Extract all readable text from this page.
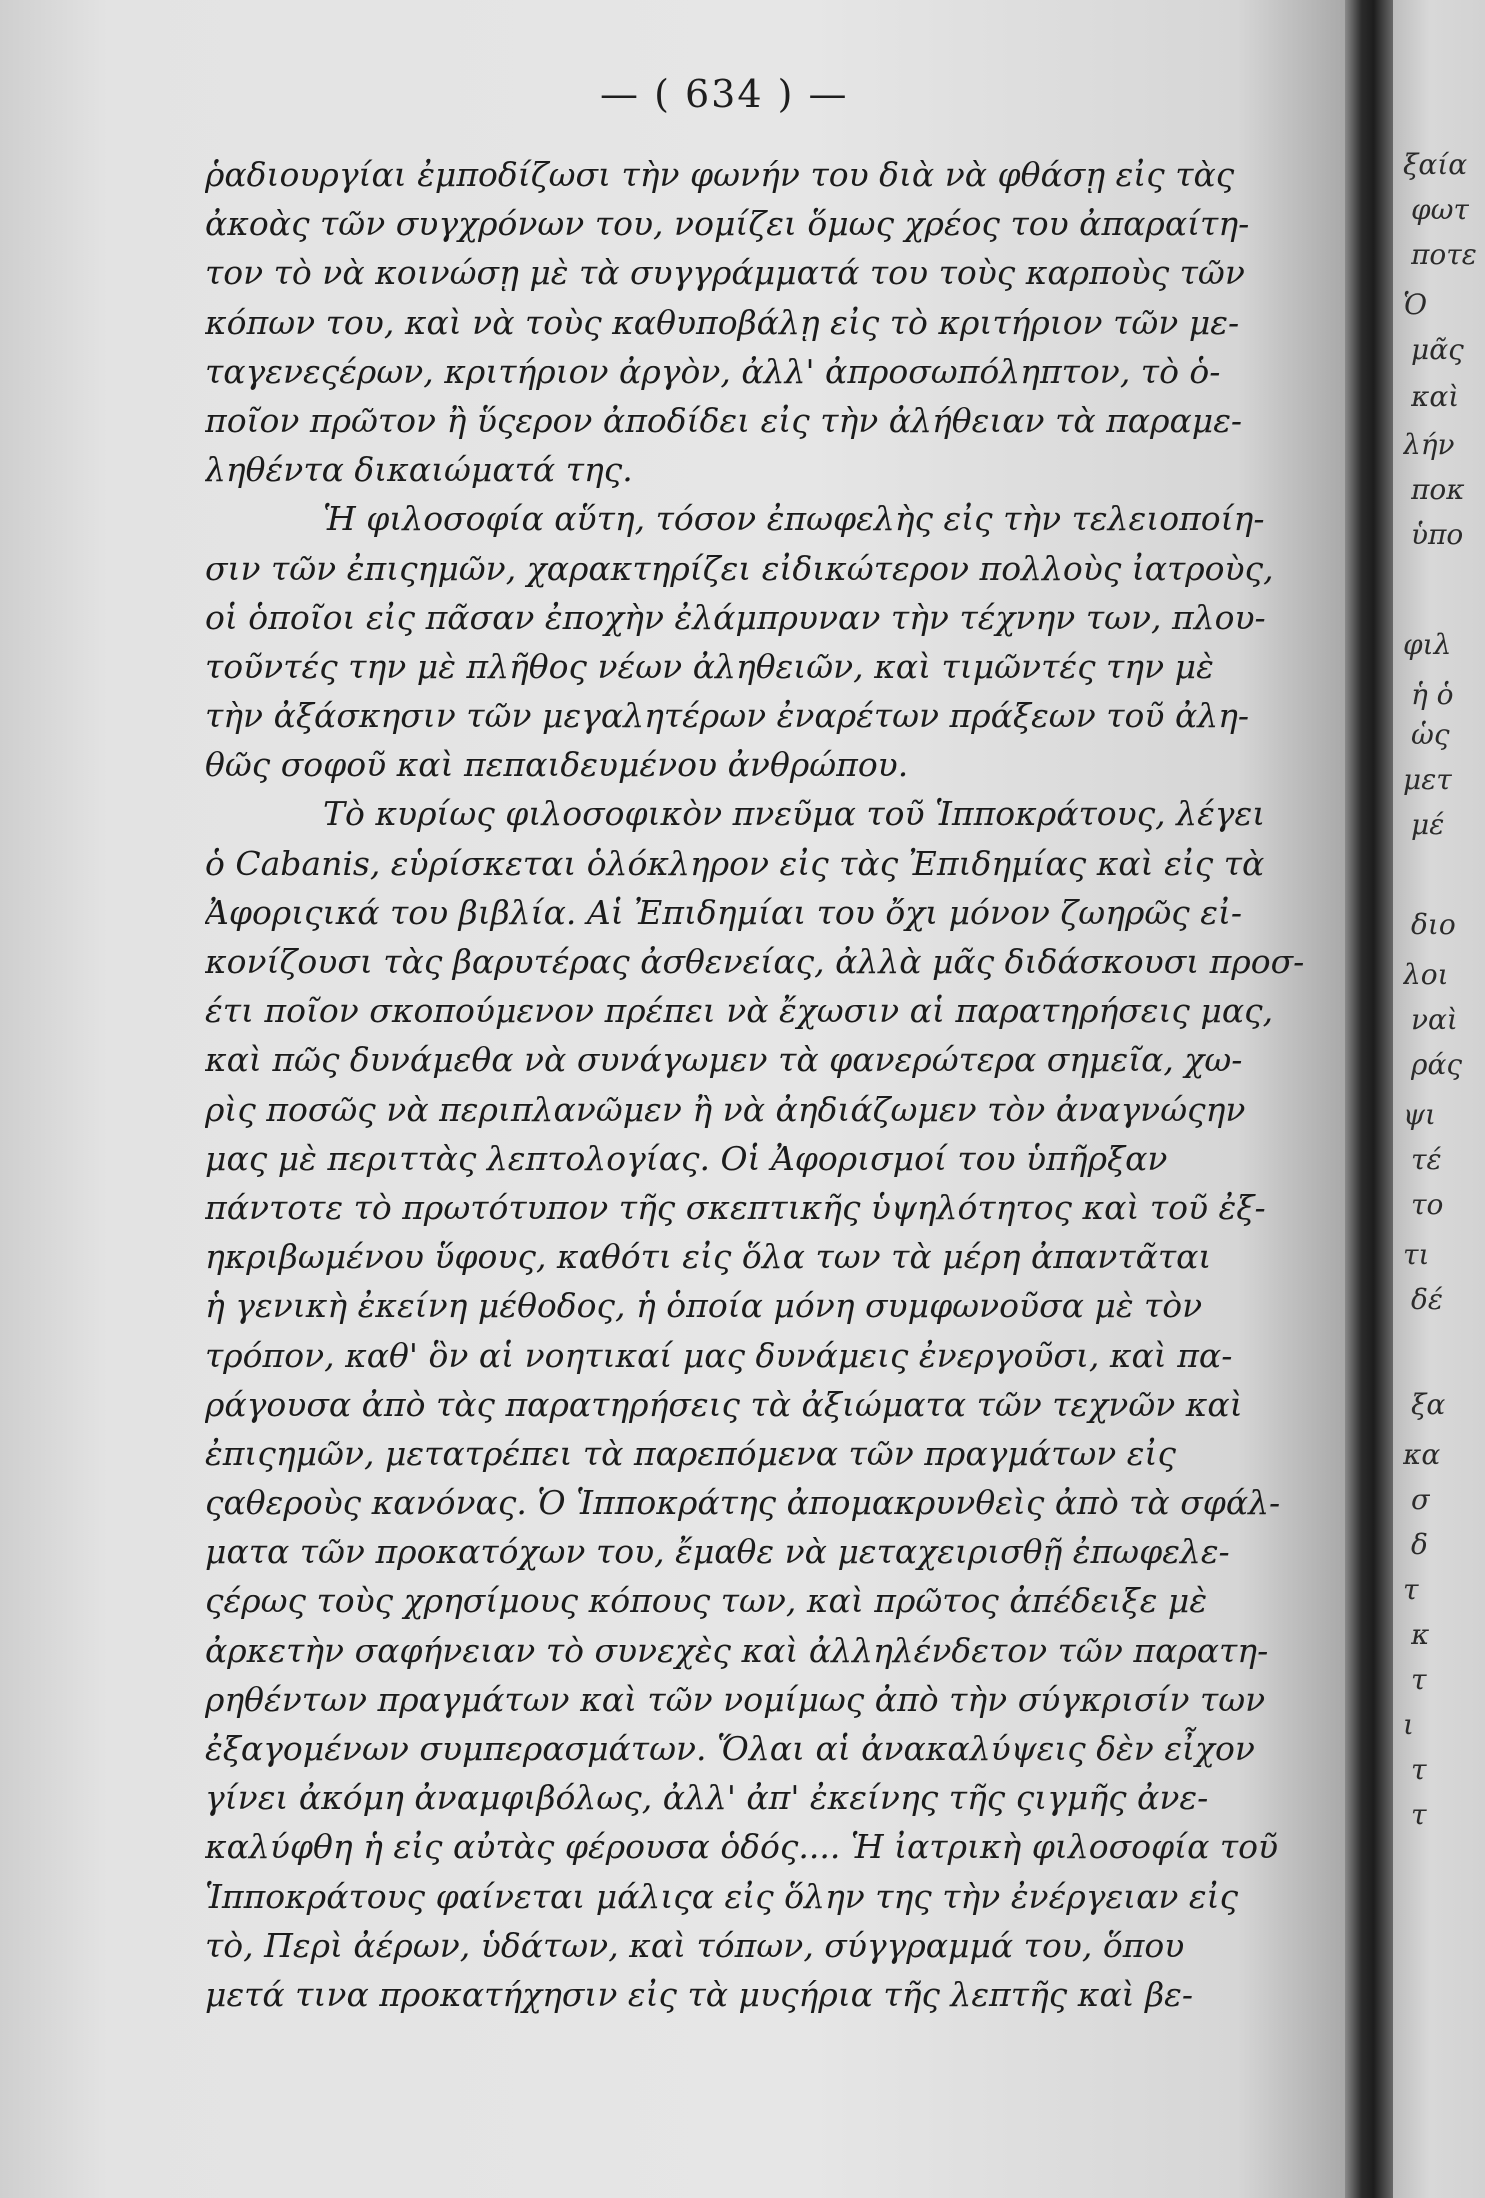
— ( 634 ) —
ῥαδιουργίαι ἐμποδίζωσι τὴν φωνήν του διὰ νὰ φθάσῃ εἰς τὰς
ἀκοὰς τῶν συγχρόνων του, νομίζει ὅμως χρέος του ἀπαραίτη-
τον τὸ νὰ κοινώσῃ μὲ τὰ συγγράμματά του τοὺς καρποὺς τῶν
κόπων του, καὶ νὰ τοὺς καθυποβάλῃ εἰς τὸ κριτήριον τῶν με-
ταγενεςέρων, κριτήριον ἀργὸν, ἀλλ' ἀπροσωπόληπτον, τὸ ὁ-
ποῖον πρῶτον ἢ ὕςερον ἀποδίδει εἰς τὴν ἀλήθειαν τὰ παραμε-
ληθέντα δικαιώματά της.
Ἡ φιλοσοφία αὕτη, τόσον ἐπωφελὴς εἰς τὴν τελειοποίη-
σιν τῶν ἐπιςημῶν, χαρακτηρίζει εἰδικώτερον πολλοὺς ἰατροὺς,
οἱ ὁποῖοι εἰς πᾶσαν ἐποχὴν ἐλάμπρυναν τὴν τέχνην των, πλου-
τοῦντές την μὲ πλῆθος νέων ἀληθειῶν, καὶ τιμῶντές την μὲ
τὴν ἀξάσκησιν τῶν μεγαλητέρων ἐναρέτων πράξεων τοῦ ἀλη-
θῶς σοφοῦ καὶ πεπαιδευμένου ἀνθρώπου.
Τὸ κυρίως φιλοσοφικὸν πνεῦμα τοῦ Ἱπποκράτους, λέγει
ὁ Cabanis, εὑρίσκεται ὁλόκληρον εἰς τὰς Ἐπιδημίας καὶ εἰς τὰ
Ἀφοριςικά του βιβλία. Αἱ Ἐπιδημίαι του ὄχι μόνον ζωηρῶς εἰ-
κονίζουσι τὰς βαρυτέρας ἀσθενείας, ἀλλὰ μᾶς διδάσκουσι προσ-
έτι ποῖον σκοπούμενον πρέπει νὰ ἔχωσιν αἱ παρατηρήσεις μας,
καὶ πῶς δυνάμεθα νὰ συνάγωμεν τὰ φανερώτερα σημεῖα, χω-
ρὶς ποσῶς νὰ περιπλανῶμεν ἢ νὰ ἀηδιάζωμεν τὸν ἀναγνώςην
μας μὲ περιττὰς λεπτολογίας. Οἱ Ἀφορισμοί του ὑπῆρξαν
πάντοτε τὸ πρωτότυπον τῆς σκεπτικῆς ὑψηλότητος καὶ τοῦ ἐξ-
ηκριβωμένου ὕφους, καθότι εἰς ὅλα των τὰ μέρη ἀπαντᾶται
ἡ γενικὴ ἐκείνη μέθοδος, ἡ ὁποία μόνη συμφωνοῦσα μὲ τὸν
τρόπον, καθ' ὃν αἱ νοητικαί μας δυνάμεις ἐνεργοῦσι, καὶ πα-
ράγουσα ἀπὸ τὰς παρατηρήσεις τὰ ἀξιώματα τῶν τεχνῶν καὶ
ἐπιςημῶν, μετατρέπει τὰ παρεπόμενα τῶν πραγμάτων εἰς
ςαθεροὺς κανόνας. Ὁ Ἱπποκράτης ἀπομακρυνθεὶς ἀπὸ τὰ σφάλ-
ματα τῶν προκατόχων του, ἔμαθε νὰ μεταχειρισθῇ ἐπωφελε-
ςέρως τοὺς χρησίμους κόπους των, καὶ πρῶτος ἀπέδειξε μὲ
ἀρκετὴν σαφήνειαν τὸ συνεχὲς καὶ ἀλληλένδετον τῶν παρατη-
ρηθέντων πραγμάτων καὶ τῶν νομίμως ἀπὸ τὴν σύγκρισίν των
ἐξαγομένων συμπερασμάτων. Ὅλαι αἱ ἀνακαλύψεις δὲν εἶχον
γίνει ἀκόμη ἀναμφιβόλως, ἀλλ' ἀπ' ἐκείνης τῆς ςιγμῆς ἀνε-
καλύφθη ἡ εἰς αὐτὰς φέρουσα ὁδός.... Ἡ ἰατρικὴ φιλοσοφία τοῦ
Ἱπποκράτους φαίνεται μάλιςα εἰς ὅλην της τὴν ἐνέργειαν εἰς
τὸ, Περὶ ἀέρων, ὑδάτων, καὶ τόπων, σύγγραμμά του, ὅπου
μετά τινα προκατήχησιν εἰς τὰ μυςήρια τῆς λεπτῆς καὶ βε-
ξαία
φωτ
ποτε
Ὁ
μᾶς
καὶ
λήν
ποκ
ὑπο
φιλ
ἡ ὁ
ὡς
μετ
μέ
διο
λοι
ναὶ
ράς
ψι
τέ
το
τι
δέ
ξα
κα
σ
δ
τ
κ
τ
ι
τ
τ
